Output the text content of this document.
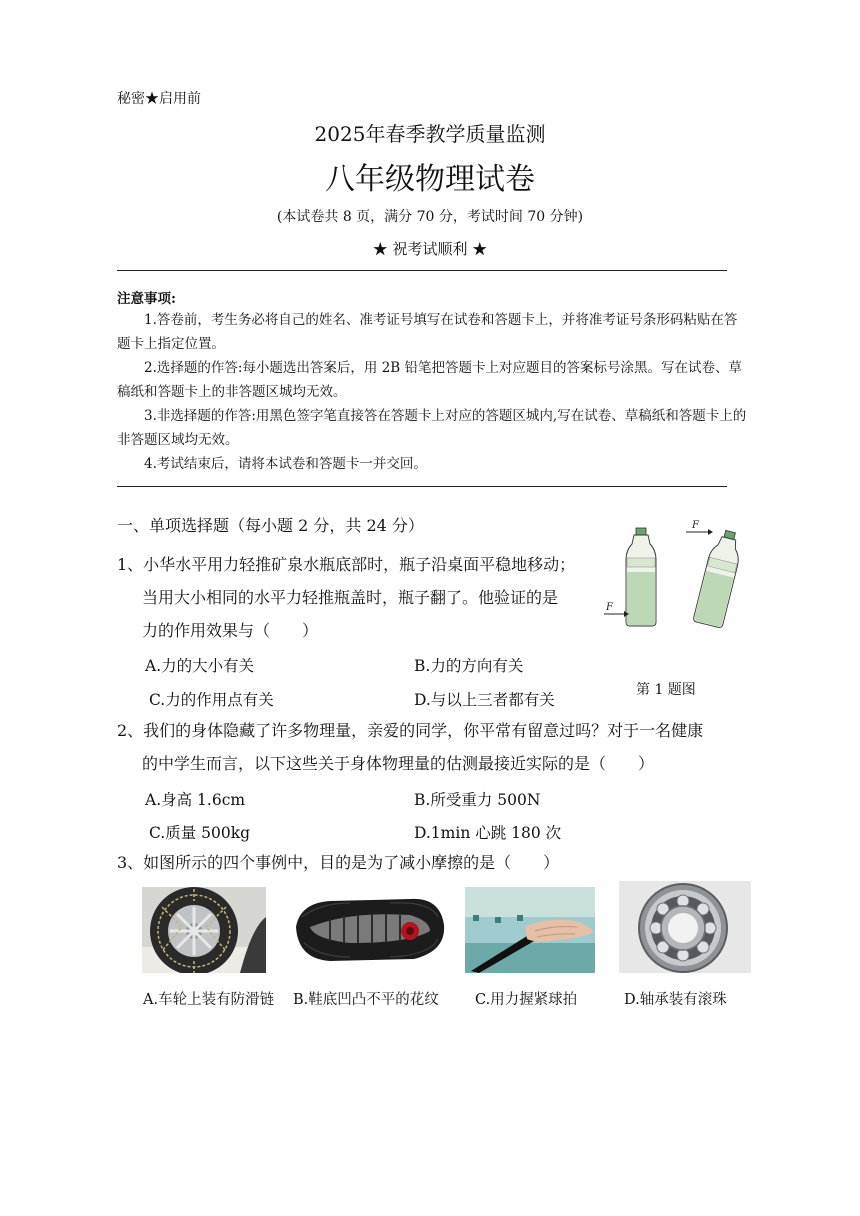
秘密★启用前
2025年春季教学质量监测
八年级物理试卷
(本试卷共 8 页，满分 70 分，考试时间 70 分钟)
★ 祝考试顺利 ★
注意事项:

1.答卷前，考生务必将自己的姓名、准考证号填写在试卷和答题卡上，并将准考证号条形码粘贴在答题卡上指定位置。

2.选择题的作答:每小题选出答案后，用 2B 铅笔把答题卡上对应题目的答案标号涂黑。写在试卷、草稿纸和答题卡上的非答题区城均无效。

3.非选择题的作答:用黑色签字笔直接答在答题卡上对应的答题区城内,写在试卷、草稿纸和答题卡上的非答题区域均无效。

4.考试结束后，请将本试卷和答题卡一并交回。

一、单项选择题（每小题 2 分，共 24 分）
1、小华水平用力轻推矿泉水瓶底部时，瓶子沿桌面平稳地移动；
当用大小相同的水平力轻推瓶盖时，瓶子翻了。他验证的是
力的作用效果与（　　）
A.力的大小有关	B.力的方向有关
C.力的作用点有关	D.与以上三者都有关
F
F
第 1 题图
2、我们的身体隐藏了许多物理量，亲爱的同学，你平常有留意过吗？对于一名健康
的中学生而言，以下这些关于身体物理量的估测最接近实际的是（　　）
A.身高 1.6cm	B.所受重力 500N
C.质量 500kg	D.1min 心跳 180 次
3、如图所示的四个事例中，目的是为了减小摩擦的是（　　）
A.车轮上装有防滑链 B.鞋底凹凸不平的花纹 C.用力握紧球拍	D.轴承装有滚珠
